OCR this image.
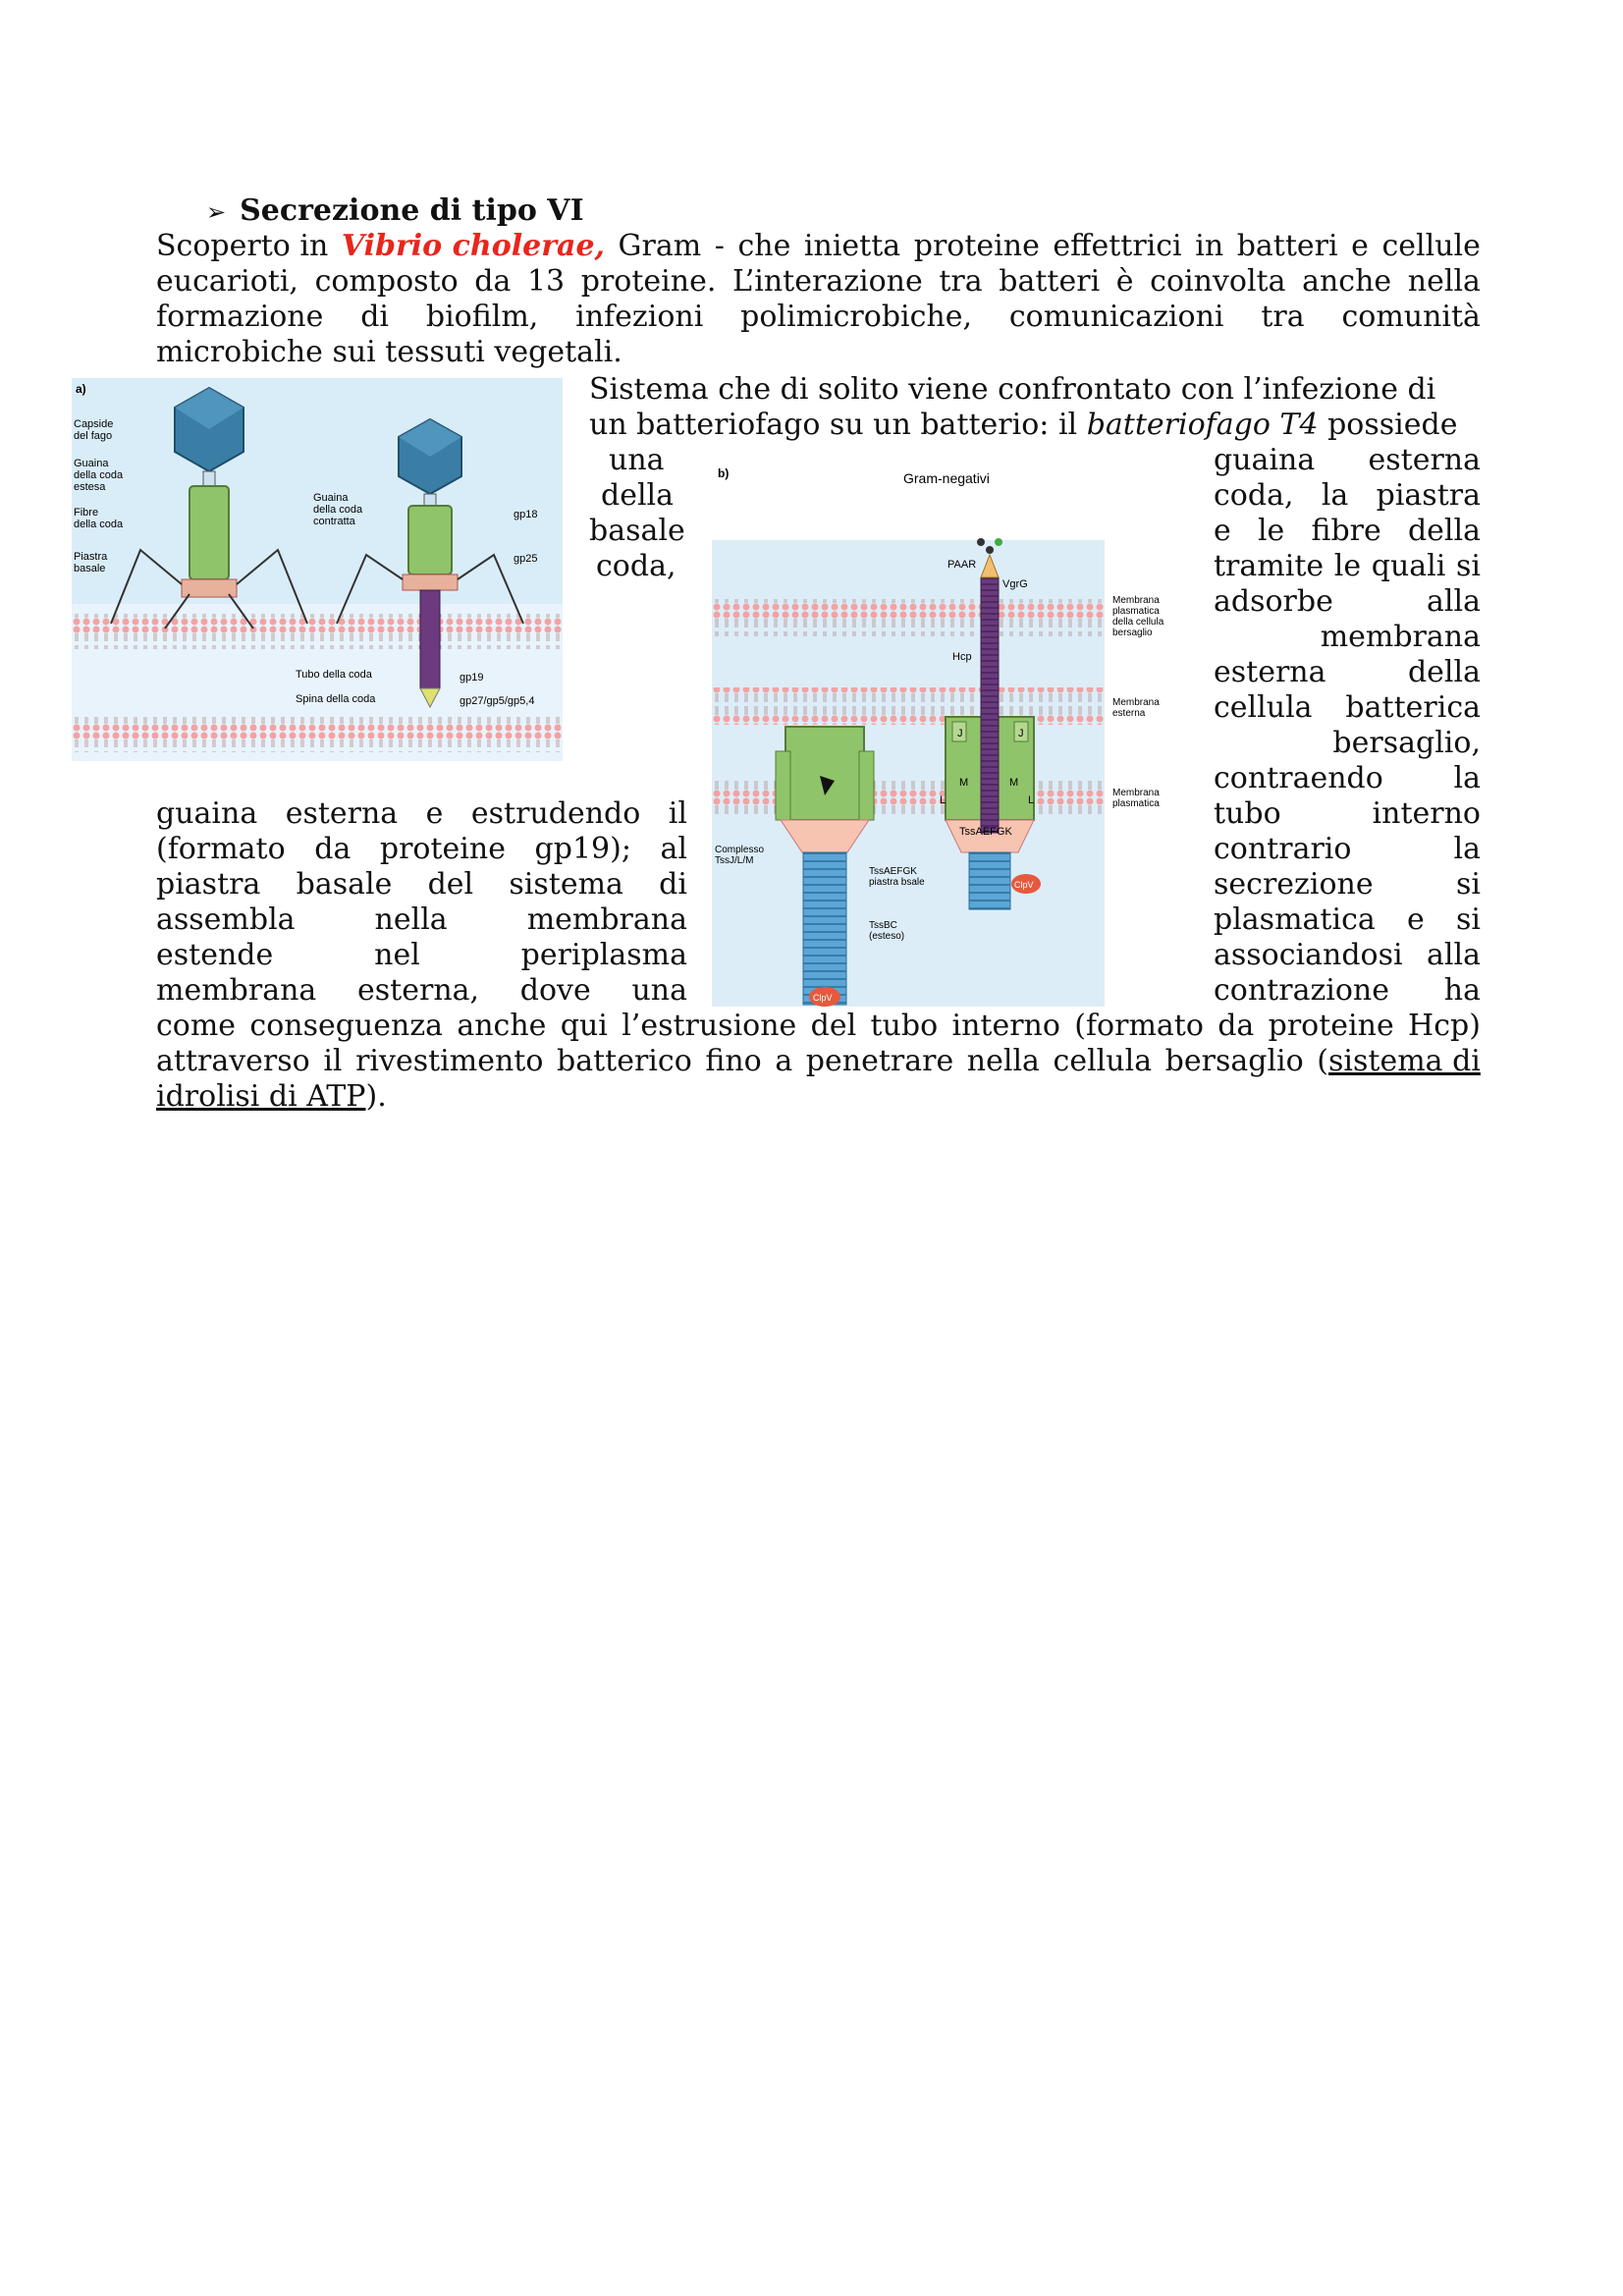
➢ Secrezione di tipo VI
Scoperto in Vibrio cholerae, Gram - che inietta proteine effettrici in batteri e cellule
eucarioti, composto da 13 proteine. L’interazione tra batteri è coinvolta anche nella
formazione di biofilm, infezioni polimicrobiche, comunicazioni tra comunità
microbiche sui tessuti vegetali.
Sistema che di solito viene confrontato con l’infezione di
un batteriofago su un batterio: il batteriofago T4 possiede
una
della
basale
coda,
guaina esterna
coda, la piastra
e le fibre della
tramite le quali si
adsorbe	alla
membrana
esterna	della
cellula batterica
bersaglio,
contraendo la
tubo	interno
contrario	la
secrezione	si
plasmatica e si
associandosi alla
contrazione ha
guaina esterna e estrudendo il
(formato da proteine gp19); al
piastra basale del sistema di
assembla	nella	membrana
estende	nel	periplasma
membrana esterna, dove una
come conseguenza anche qui l’estrusione del tubo interno (formato da proteine Hcp)
attraverso il rivestimento batterico fino a penetrare nella cellula bersaglio (sistema di
idrolisi di ATP).
a)
Capside del fago
Guaina della coda estesa
Fibre della coda
Piastra basale
Guaina della coda contratta
gp18
gp25
Tubo della coda	gp19
Spina della coda	gp27/gp5/gp5,4
b)	Gram-negativi
PAAR
VgrG
Hcp
Membrana plasmatica della cellula bersaglio
Membrana esterna
Membrana plasmatica
TssAEFGK
Complesso TssJ/L/M
TssAEFGK piastra bsale
TssBC (esteso)
ClpV
ClpV
J	J
M	M
L	L
